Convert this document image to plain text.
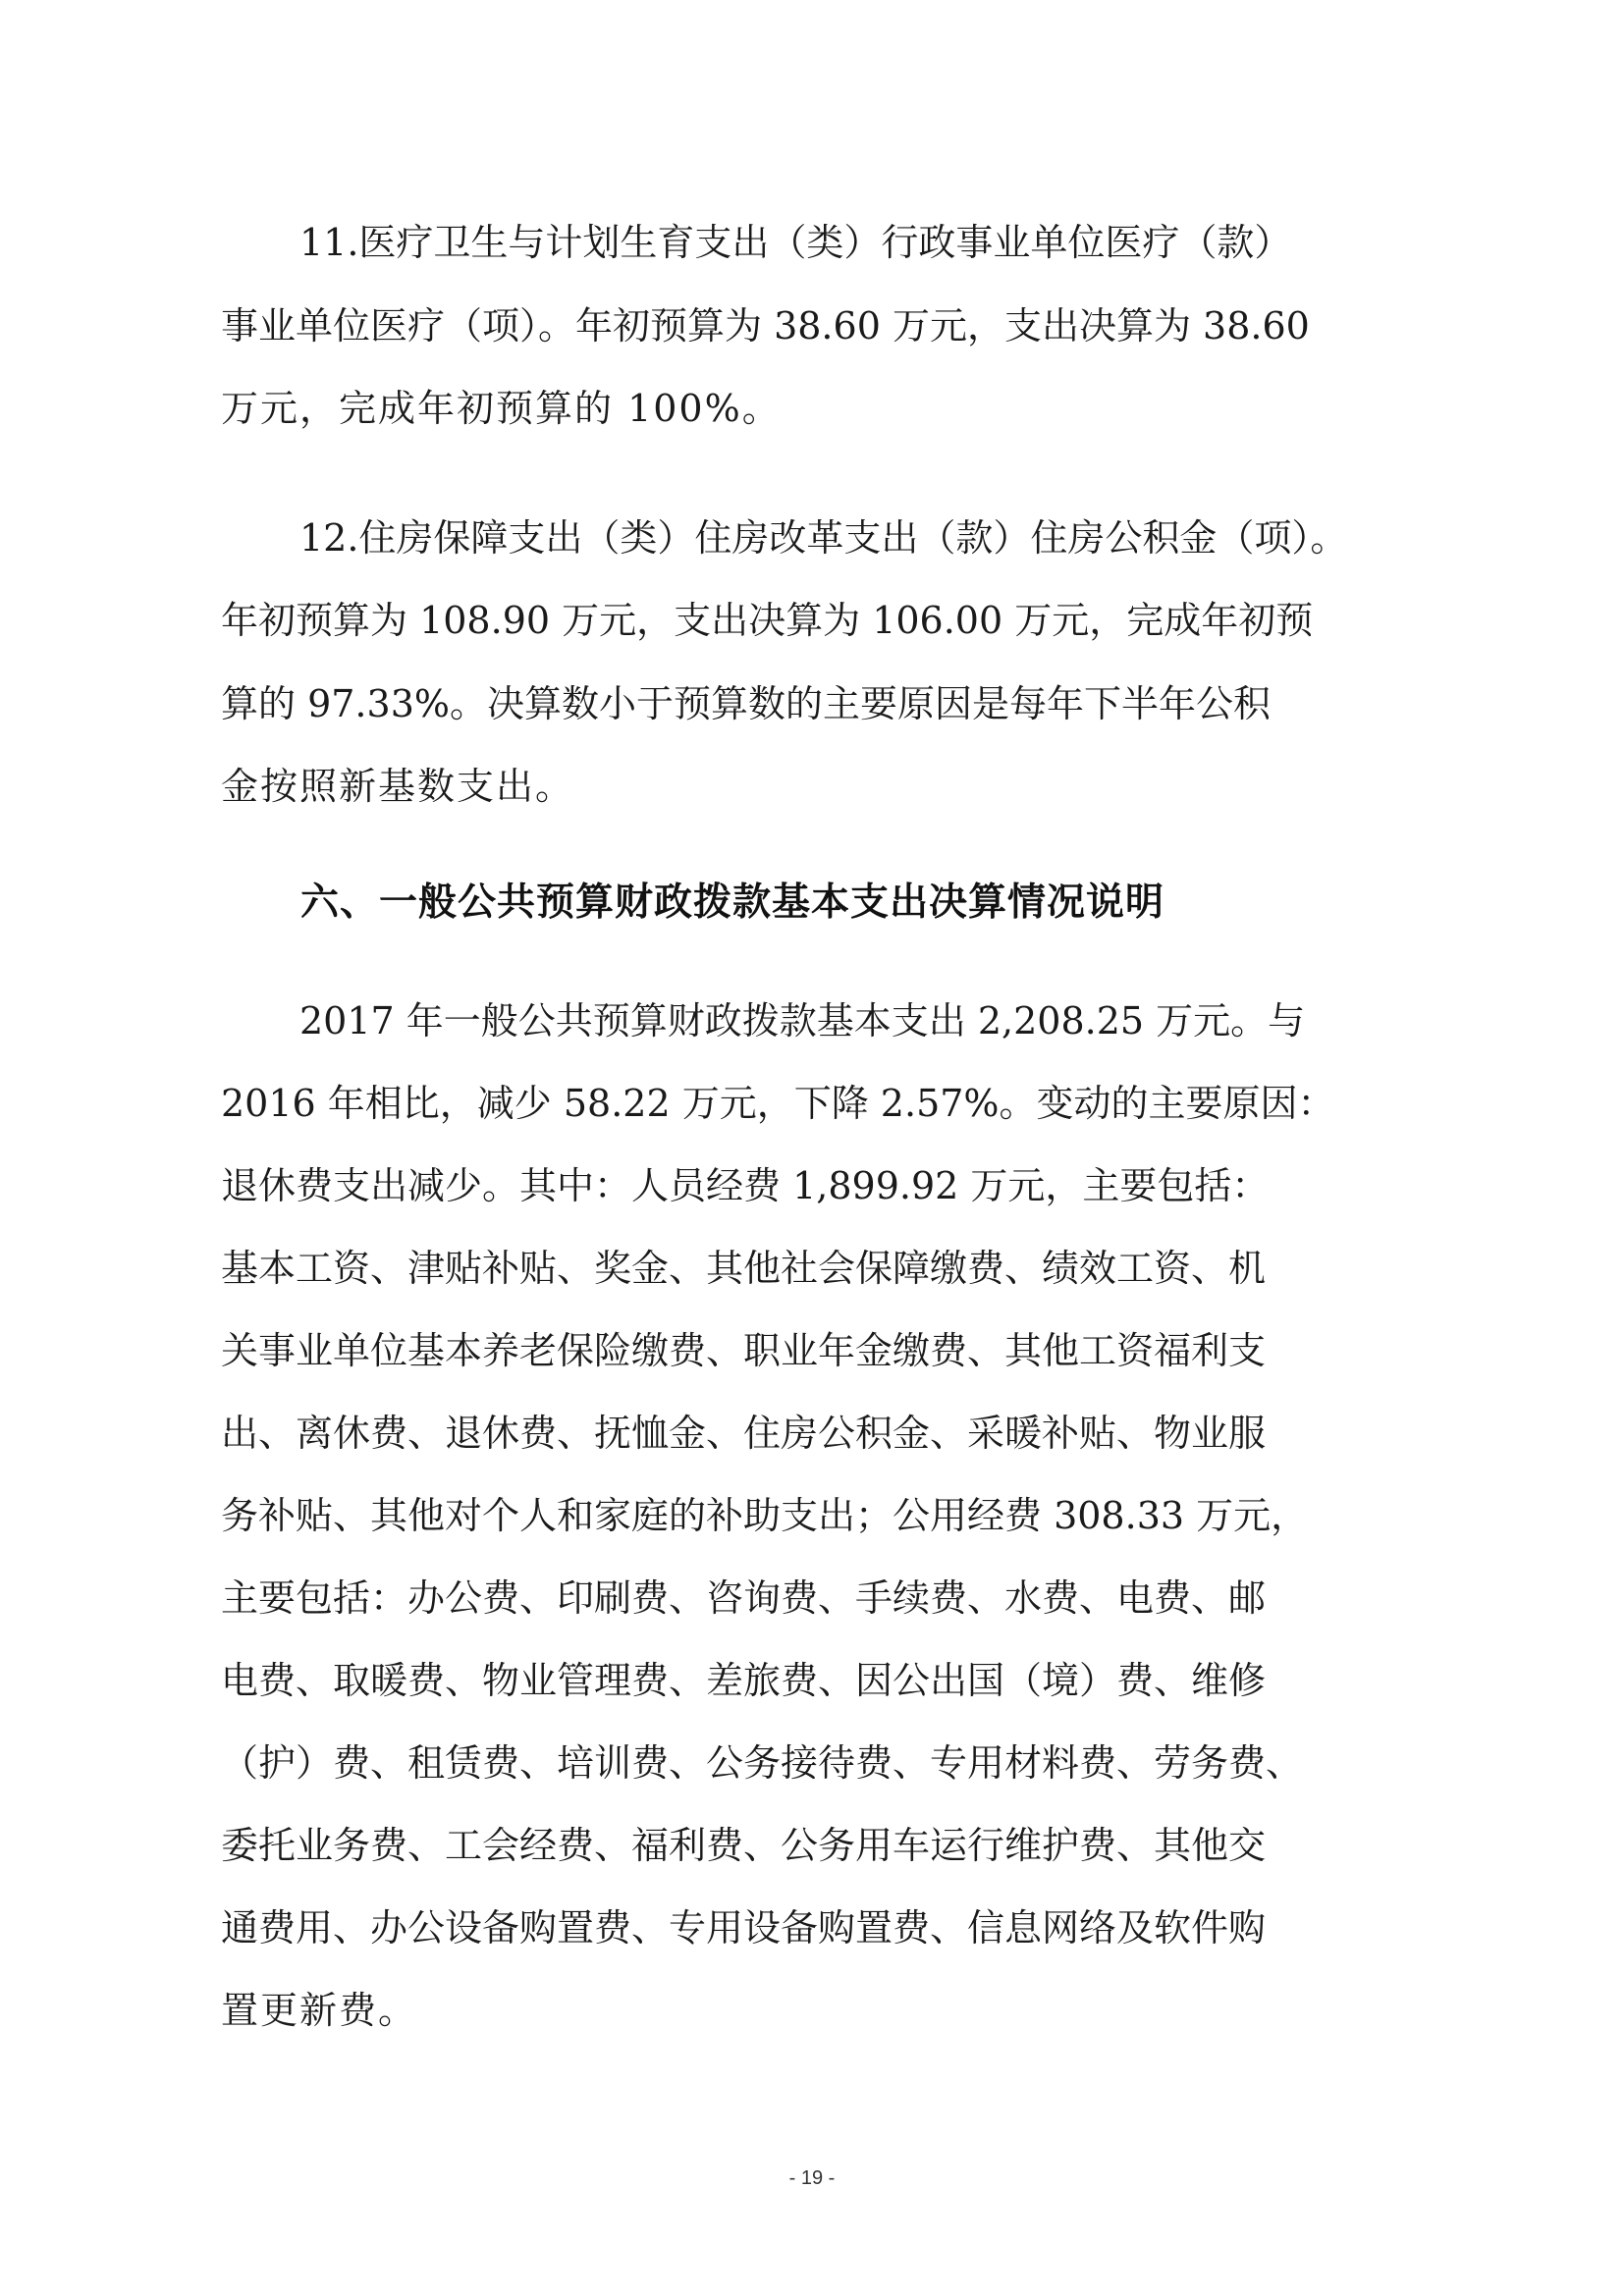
11.医疗卫生与计划生育支出（类）行政事业单位医疗（款）

事业单位医疗（项）。年初预算为 38.60 万元，支出决算为 38.60

万元，完成年初预算的 100%。

12.住房保障支出（类）住房改革支出（款）住房公积金（项）。

年初预算为 108.90 万元，支出决算为 106.00 万元，完成年初预

算的 97.33%。决算数小于预算数的主要原因是每年下半年公积

金按照新基数支出。

六、一般公共预算财政拨款基本支出决算情况说明

2017 年一般公共预算财政拨款基本支出 2,208.25 万元。与

2016 年相比，减少 58.22 万元，下降 2.57%。变动的主要原因：

退休费支出减少。其中：人员经费 1,899.92 万元，主要包括：

基本工资、津贴补贴、奖金、其他社会保障缴费、绩效工资、机

关事业单位基本养老保险缴费、职业年金缴费、其他工资福利支

出、离休费、退休费、抚恤金、住房公积金、采暖补贴、物业服

务补贴、其他对个人和家庭的补助支出；公用经费 308.33 万元，

主要包括：办公费、印刷费、咨询费、手续费、水费、电费、邮

电费、取暖费、物业管理费、差旅费、因公出国（境）费、维修

（护）费、租赁费、培训费、公务接待费、专用材料费、劳务费、

委托业务费、工会经费、福利费、公务用车运行维护费、其他交

通费用、办公设备购置费、专用设备购置费、信息网络及软件购

置更新费。

- 19 -
